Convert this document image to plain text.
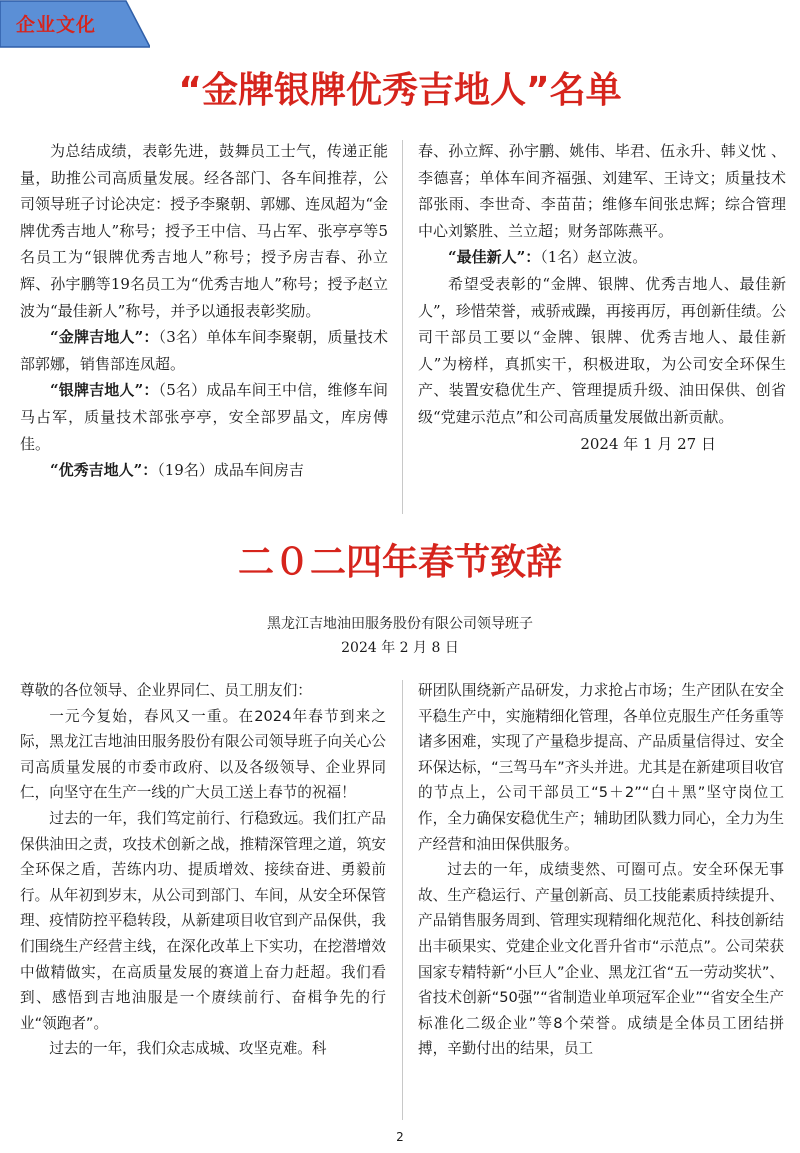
企业文化
“金牌银牌优秀吉地人”名单

为总结成绩，表彰先进，鼓舞员工士气，传递正能量，助推公司高质量发展。经各部门、各车间推荐，公司领导班子讨论决定：授予李聚朝、郭娜、连凤超为“金牌优秀吉地人”称号；授予王中信、马占军、张亭亭等5名员工为“银牌优秀吉地人”称号；授予房吉春、孙立辉、孙宇鹏等19名员工为“优秀吉地人”称号；授予赵立波为“最佳新人”称号，并予以通报表彰奖励。

“金牌吉地人”：（3名）单体车间李聚朝，质量技术部郭娜，销售部连凤超。

“银牌吉地人”：（5名）成品车间王中信，维修车间马占军，质量技术部张亭亭，安全部罗晶文，库房傅佳。

“优秀吉地人”：（19名）成品车间房吉

春、孙立辉、孙宇鹏、姚伟、毕君、伍永升、韩义忱 、李德喜；单体车间齐福强、刘建军、王诗文；质量技术部张雨、李世奇、李苗苗；维修车间张忠辉；综合管理中心刘繁胜、兰立超；财务部陈燕平。

“最佳新人”：（1名）赵立波。

希望受表彰的“金牌、银牌、优秀吉地人、最佳新人”，珍惜荣誉，戒骄戒躁，再接再厉，再创新佳绩。公司干部员工要以“金牌、银牌、优秀吉地人、最佳新人”为榜样，真抓实干，积极进取，为公司安全环保生产、装置安稳优生产、管理提质升级、油田保供、创省级“党建示范点”和公司高质量发展做出新贡献。

2024 年 1 月 27 日

二０二四年春节致辞
黑龙江吉地油田服务股份有限公司领导班子
2024 年 2 月 8 日

尊敬的各位领导、企业界同仁、员工朋友们：

一元今复始，春风又一重。在2024年春节到来之际，黑龙江吉地油田服务股份有限公司领导班子向关心公司高质量发展的市委市政府、以及各级领导、企业界同仁，向坚守在生产一线的广大员工送上春节的祝福！

过去的一年，我们笃定前行、行稳致远。我们扛产品保供油田之责，攻技术创新之战，推精深管理之道，筑安全环保之盾，苦练内功、提质增效、接续奋进、勇毅前行。从年初到岁末，从公司到部门、车间，从安全环保管理、疫情防控平稳转段，从新建项目收官到产品保供，我们围绕生产经营主线，在深化改革上下实功，在挖潜增效中做精做实，在高质量发展的赛道上奋力赶超。我们看到、感悟到吉地油服是一个赓续前行、奋楫争先的行业“领跑者”。

过去的一年，我们众志成城、攻坚克难。科

研团队围绕新产品研发，力求抢占市场；生产团队在安全平稳生产中，实施精细化管理，各单位克服生产任务重等诸多困难，实现了产量稳步提高、产品质量信得过、安全环保达标，“三驾马车”齐头并进。尤其是在新建项目收官的节点上，公司干部员工“5＋2”“白＋黑”坚守岗位工作，全力确保安稳优生产；辅助团队戮力同心，全力为生产经营和油田保供服务。

过去的一年，成绩斐然、可圈可点。安全环保无事故、生产稳运行、产量创新高、员工技能素质持续提升、产品销售服务周到、管理实现精细化规范化、科技创新结出丰硕果实、党建企业文化晋升省市“示范点”。公司荣获国家专精特新“小巨人”企业、黑龙江省“五一劳动奖状”、省技术创新“50强”“省制造业单项冠军企业”“省安全生产标准化二级企业”等8个荣誉。成绩是全体员工团结拼搏，辛勤付出的结果，员工

2
